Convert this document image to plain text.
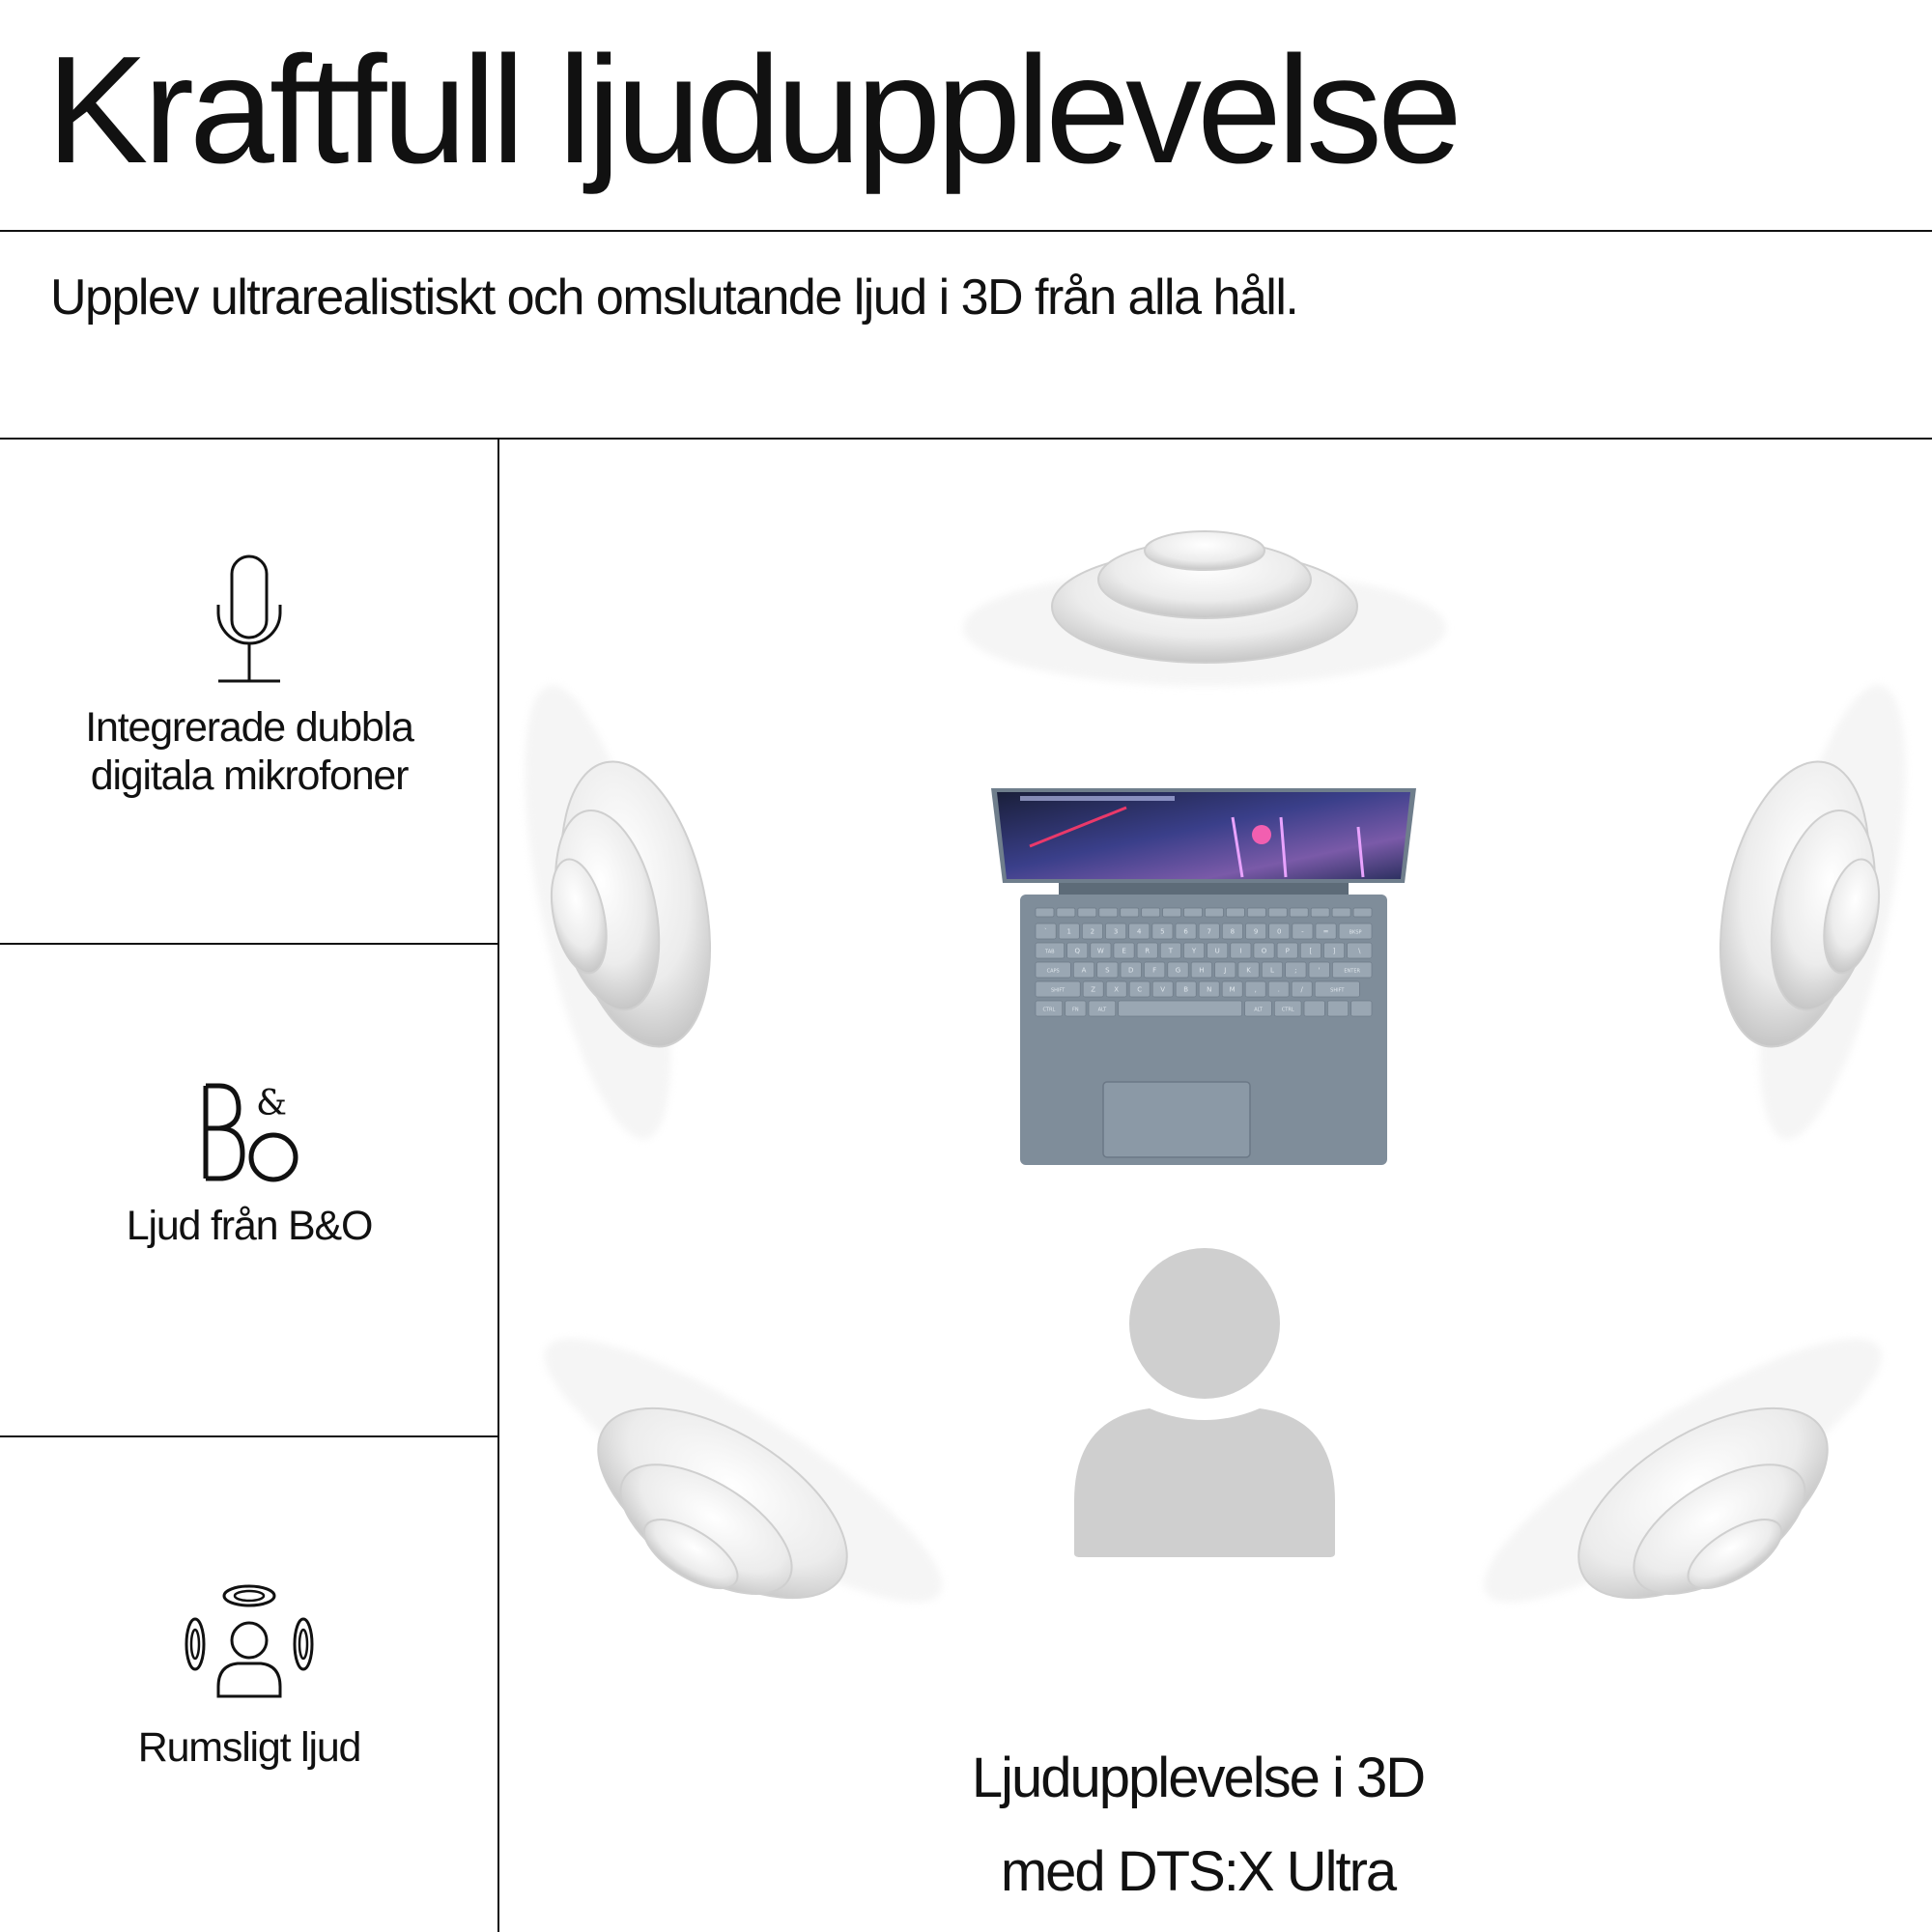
Kraftfull ljudupplevelse

Upplev ultrarealistiskt och omslutande ljud i 3D från alla håll.

Integrerade dubbla
digitala mikrofoner
&
Ljud från B&O
Rumsligt ljud
`	1	2	3	4	5	6	7	8	9	0	-	=	BKSP
TAB	Q	W	E	R	T	Y	U	I	O	P	[	]	\
CAPS	A	S	D	F	G	H	J	K	L	;	'	ENTER
SHIFT	Z	X	C	V	B	N	M	,	.	/	SHIFT
CTRL	FN	ALT	ALT	CTRL
Ljudupplevelse i 3D
med DTS:X Ultra
